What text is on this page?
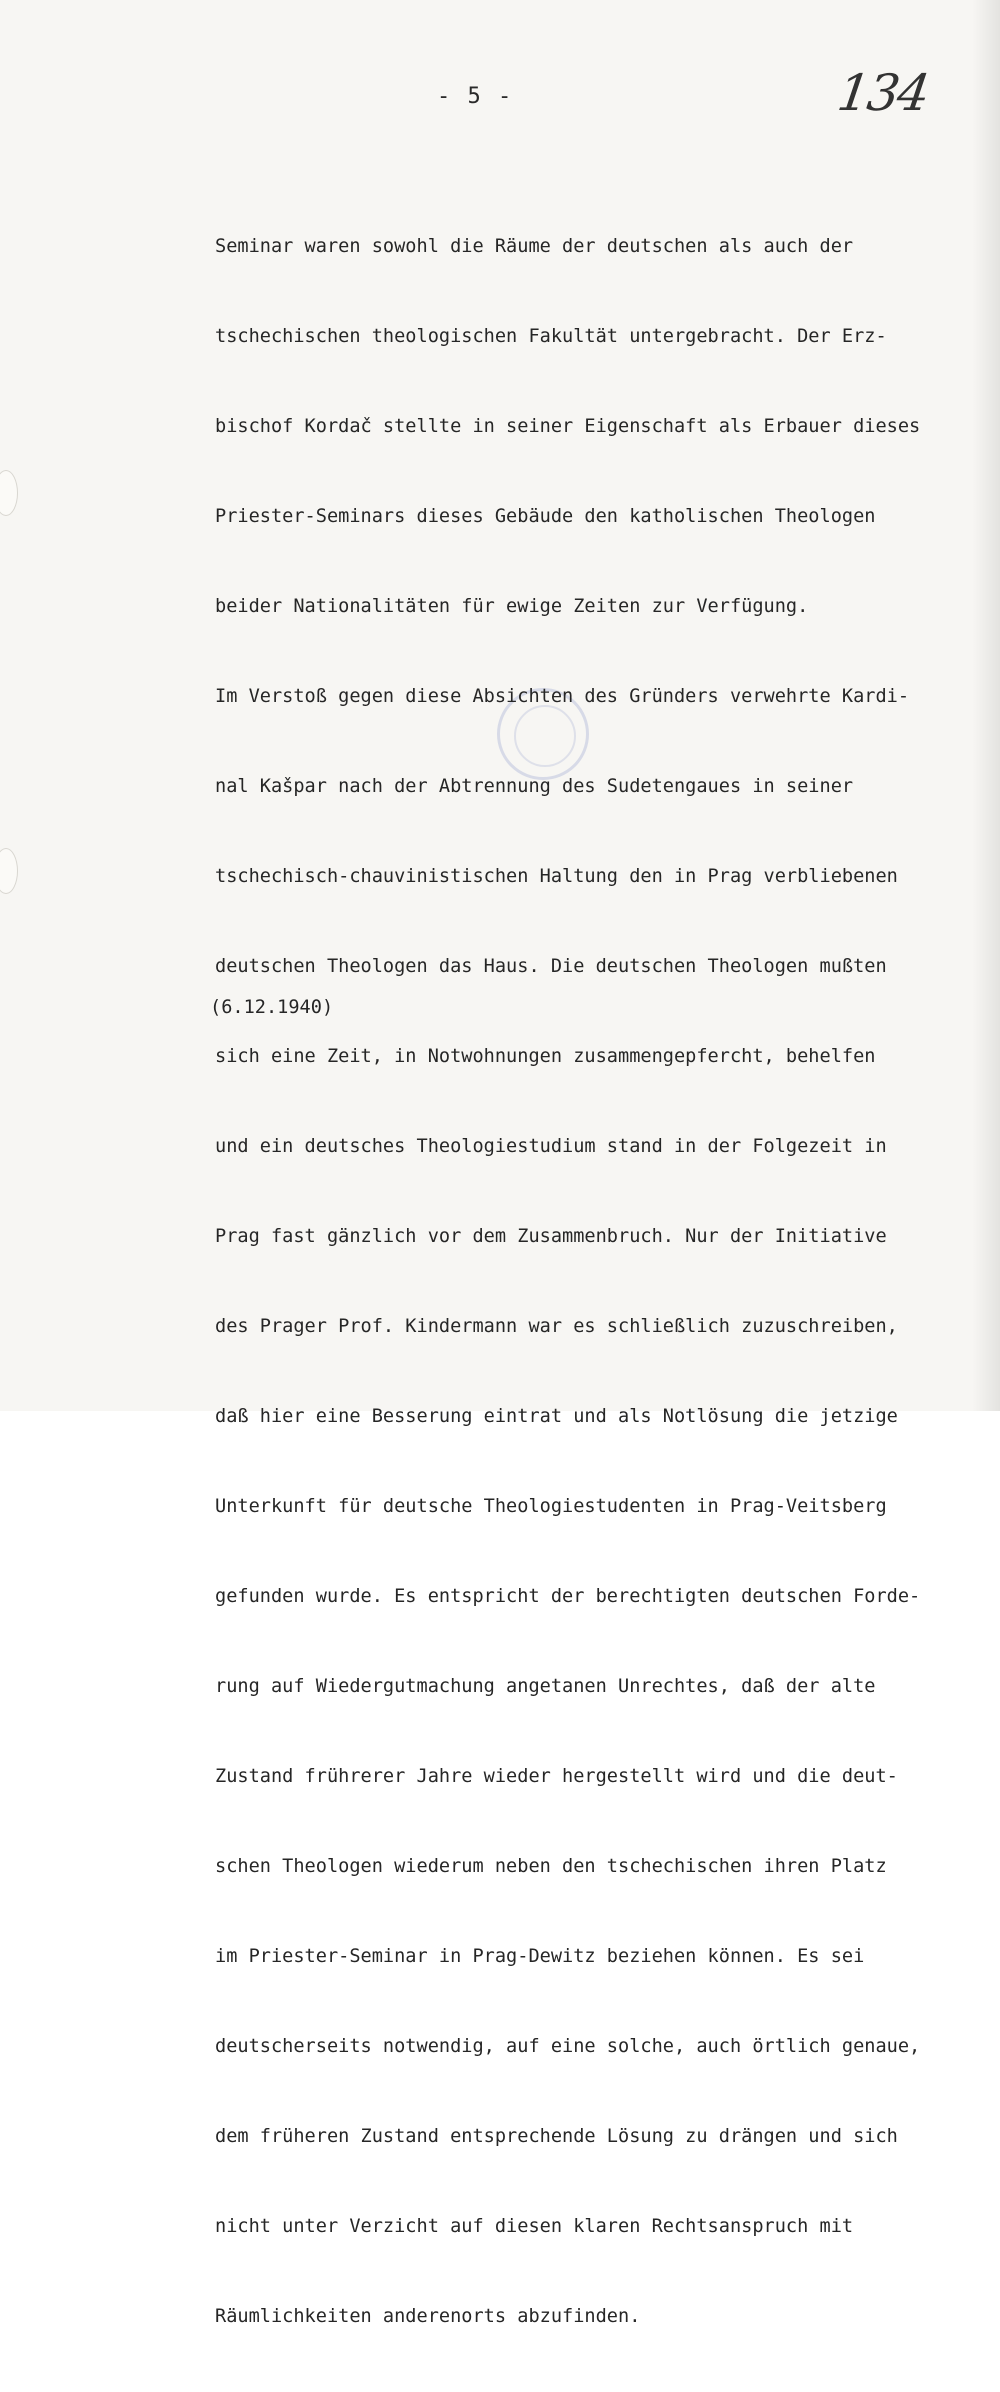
- 5 -	134

Seminar waren sowohl die Räume der deutschen als auch der

tschechischen theologischen Fakultät untergebracht. Der Erz-

bischof Kordač stellte in seiner Eigenschaft als Erbauer dieses

Priester-Seminars dieses Gebäude den katholischen Theologen

beider Nationalitäten für ewige Zeiten zur Verfügung.

Im Verstoß gegen diese Absichten des Gründers verwehrte Kardi-

nal Kašpar nach der Abtrennung des Sudetengaues in seiner

tschechisch-chauvinistischen Haltung den in Prag verbliebenen

deutschen Theologen das Haus. Die deutschen Theologen mußten

sich eine Zeit, in Notwohnungen zusammengepfercht, behelfen

und ein deutsches Theologiestudium stand in der Folgezeit in

Prag fast gänzlich vor dem Zusammenbruch. Nur der Initiative

des Prager Prof. Kindermann war es schließlich zuzuschreiben,

daß hier eine Besserung eintrat und als Notlösung die jetzige

Unterkunft für deutsche Theologiestudenten in Prag-Veitsberg

gefunden wurde. Es entspricht der berechtigten deutschen Forde-

rung auf Wiedergutmachung angetanen Unrechtes, daß der alte

Zustand frührerer Jahre wieder hergestellt wird und die deut-

schen Theologen wiederum neben den tschechischen ihren Platz

im Priester-Seminar in Prag-Dewitz beziehen können. Es sei

deutscherseits notwendig, auf eine solche, auch örtlich genaue,

dem früheren Zustand entsprechende Lösung zu drängen und sich

nicht unter Verzicht auf diesen klaren Rechtsanspruch mit

Räumlichkeiten anderenorts abzufinden.

(6.12.1940)
